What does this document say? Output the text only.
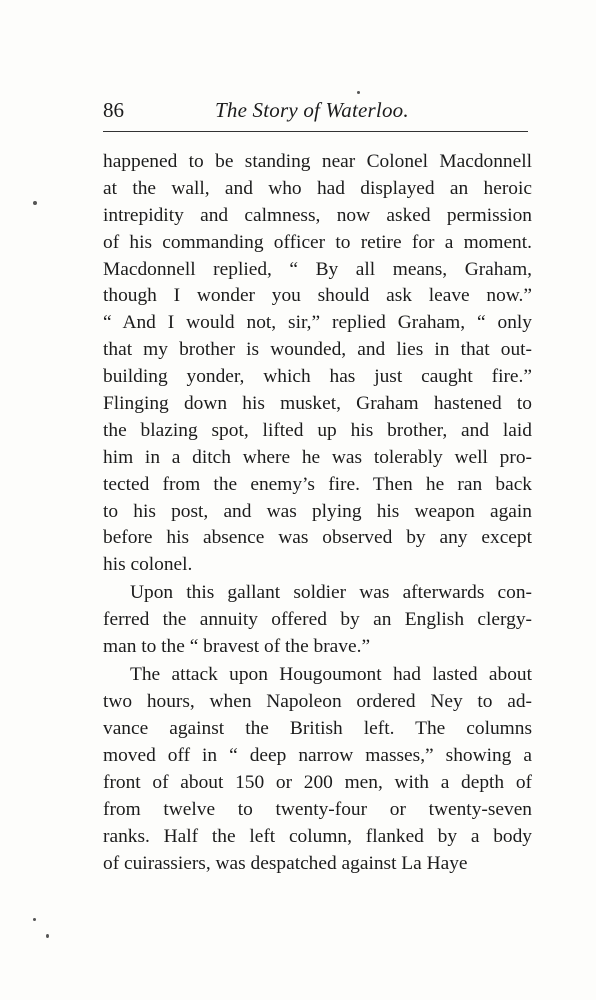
86	The Story of Waterloo.
happened to be standing near Colonel Macdonnell
at the wall, and who had displayed an heroic
intrepidity and calmness, now asked permission
of his commanding officer to retire for a moment.
Macdonnell replied, “ By all means, Graham,
though I wonder you should ask leave now.”
“ And I would not, sir,” replied Graham, “ only
that my brother is wounded, and lies in that out-
building yonder, which has just caught fire.”
Flinging down his musket, Graham hastened to
the blazing spot, lifted up his brother, and laid
him in a ditch where he was tolerably well pro-
tected from the enemy’s fire. Then he ran back
to his post, and was plying his weapon again
before his absence was observed by any except
his colonel.
Upon this gallant soldier was afterwards con-
ferred the annuity offered by an English clergy-
man to the “ bravest of the brave.”
The attack upon Hougoumont had lasted about
two hours, when Napoleon ordered Ney to ad-
vance against the British left. The columns
moved off in “ deep narrow masses,” showing a
front of about 150 or 200 men, with a depth of
from twelve to twenty-four or twenty-seven
ranks. Half the left column, flanked by a body
of cuirassiers, was despatched against La Haye
